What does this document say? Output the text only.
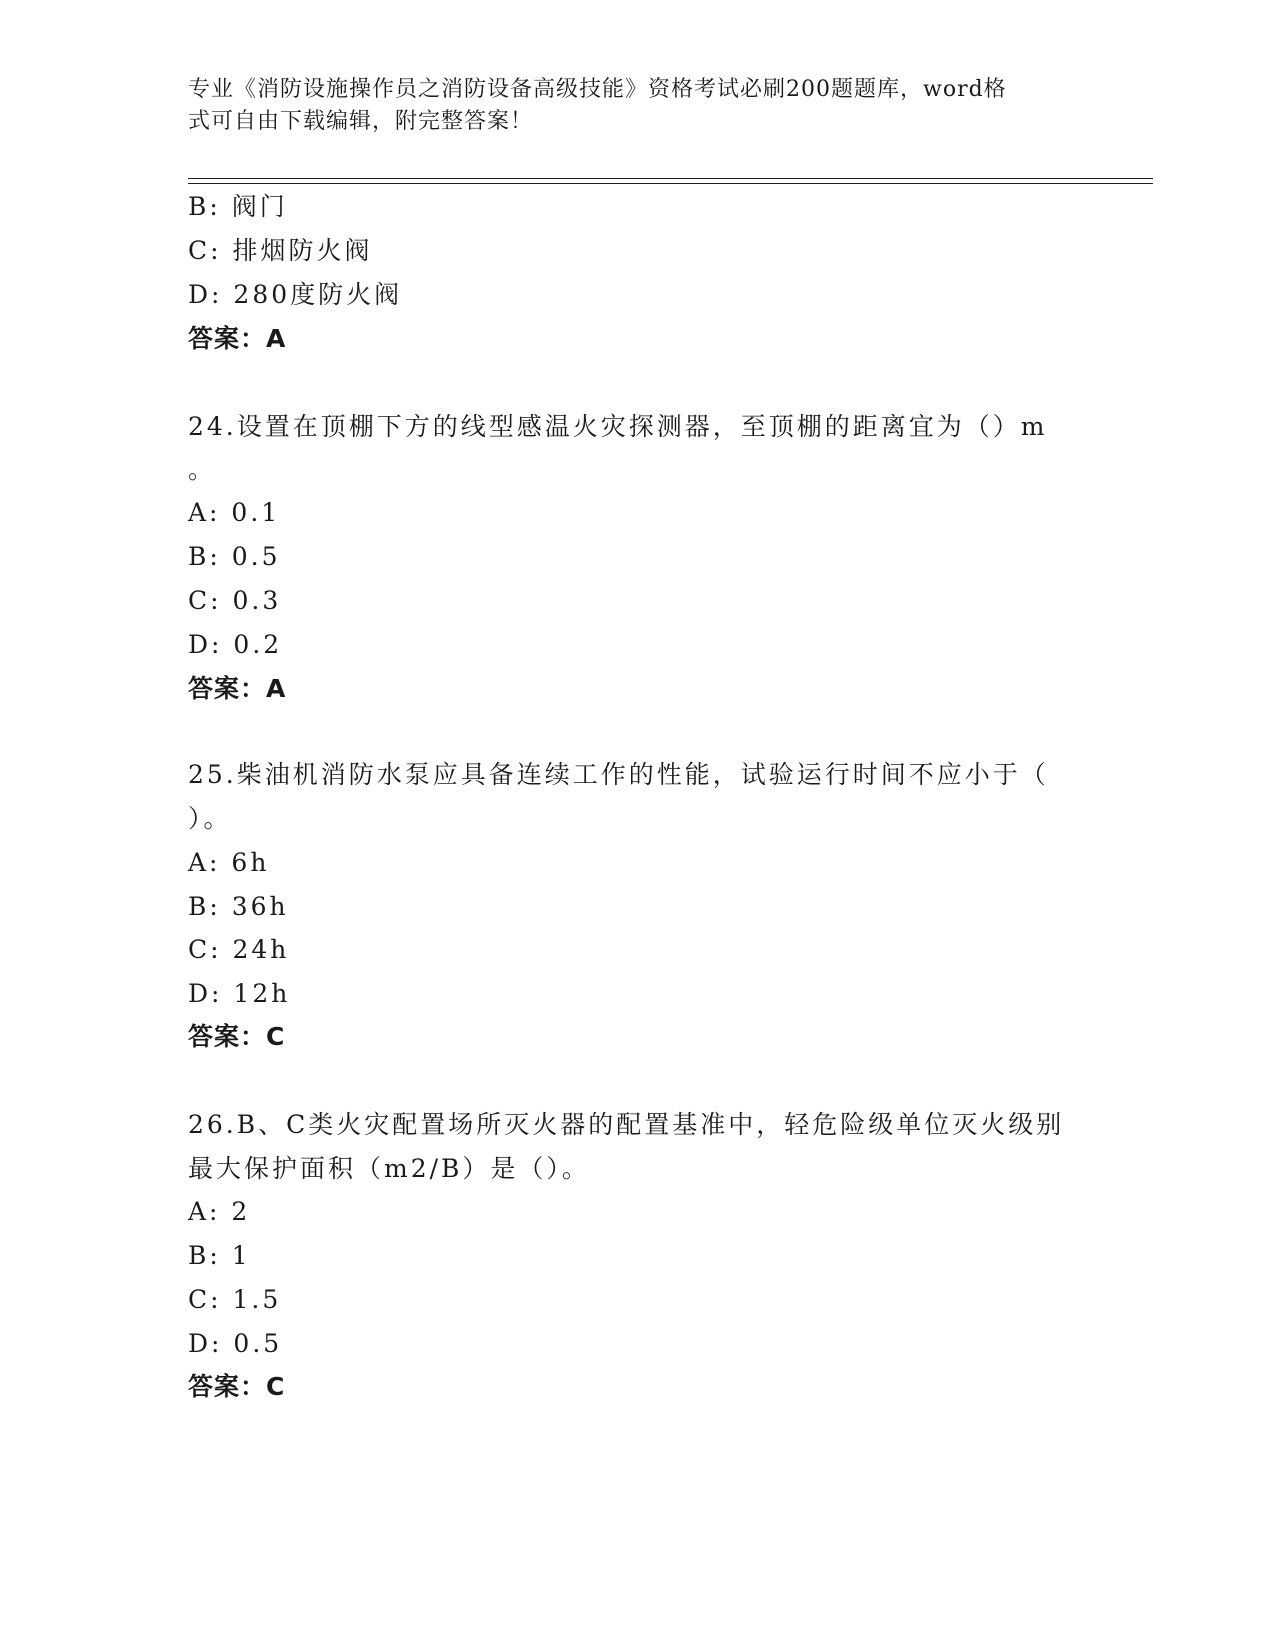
专业《消防设施操作员之消防设备高级技能》资格考试必刷200题题库，word格
式可自由下载编辑，附完整答案！
B: 阀门
C: 排烟防火阀
D: 280度防火阀
答案：A
24.设置在顶棚下方的线型感温火灾探测器，至顶棚的距离宜为（）m
。
A: 0.1
B: 0.5
C: 0.3
D: 0.2
答案：A
25.柴油机消防水泵应具备连续工作的性能，试验运行时间不应小于（
）。
A: 6h
B: 36h
C: 24h
D: 12h
答案：C
26.B、C类火灾配置场所灭火器的配置基准中，轻危险级单位灭火级别
最大保护面积（m2/B）是（）。
A: 2
B: 1
C: 1.5
D: 0.5
答案：C
